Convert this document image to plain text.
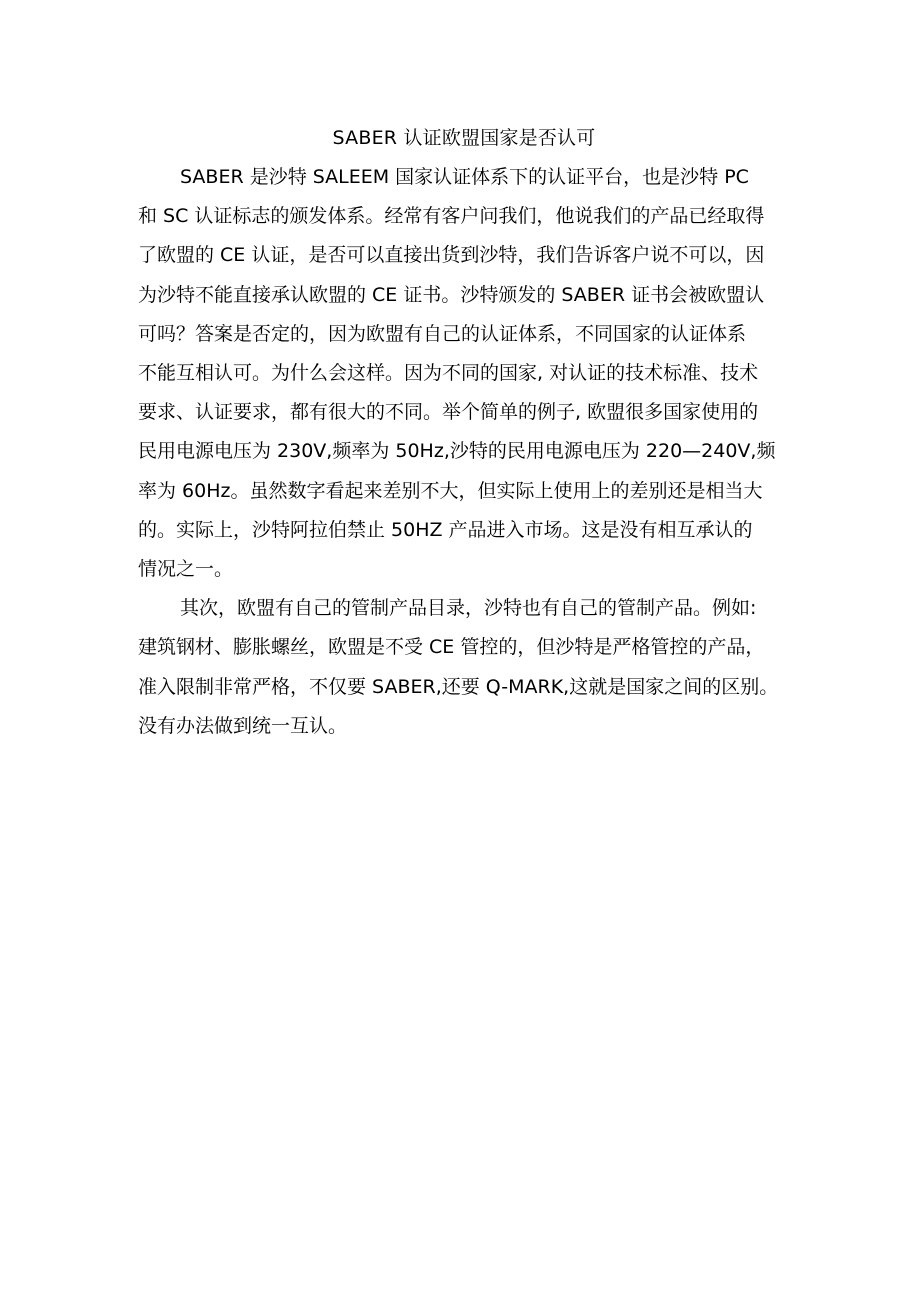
SABER 认证欧盟国家是否认可
SABER 是沙特 SALEEM 国家认证体系下的认证平台，也是沙特 PC
和 SC 认证标志的颁发体系。经常有客户问我们，他说我们的产品已经取得
了欧盟的 CE 认证，是否可以直接出货到沙特，我们告诉客户说不可以，因
为沙特不能直接承认欧盟的 CE 证书。沙特颁发的 SABER 证书会被欧盟认
可吗？答案是否定的，因为欧盟有自己的认证体系，不同国家的认证体系
不能互相认可。为什么会这样。因为不同的国家, 对认证的技术标准、技术
要求、认证要求，都有很大的不同。举个简单的例子, 欧盟很多国家使用的
民用电源电压为 230V,频率为 50Hz,沙特的民用电源电压为 220—240V,频
率为 60Hz。虽然数字看起来差别不大，但实际上使用上的差别还是相当大
的。实际上，沙特阿拉伯禁止 50HZ 产品进入市场。这是没有相互承认的
情况之一。
其次，欧盟有自己的管制产品目录，沙特也有自己的管制产品。例如:
建筑钢材、膨胀螺丝，欧盟是不受 CE 管控的，但沙特是严格管控的产品，
准入限制非常严格，不仅要 SABER,还要 Q-MARK,这就是国家之间的区别。
没有办法做到统一互认。
